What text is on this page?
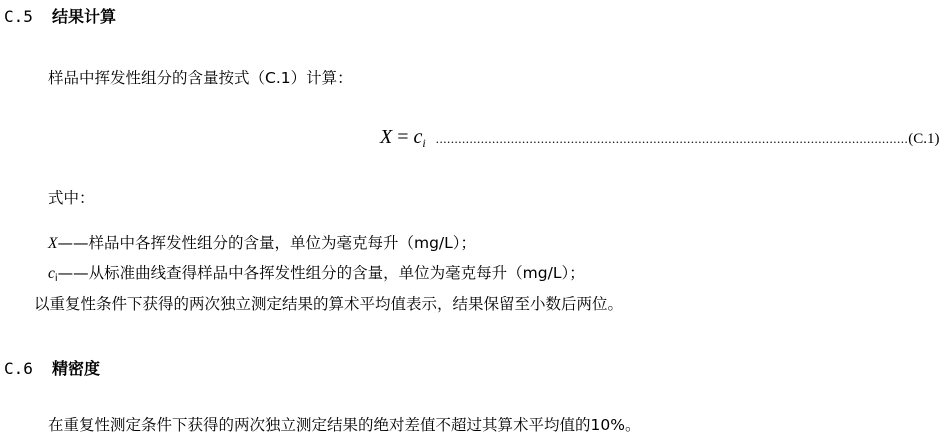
C.5 结果计算
样品中挥发性组分的含量按式（C.1）计算：
$X = c_i$ .............................................................................................................................. (C.1)
式中：
X——样品中各挥发性组分的含量，单位为毫克每升（mg/L）；
ci——从标准曲线查得样品中各挥发性组分的含量，单位为毫克每升（mg/L）；
以重复性条件下获得的两次独立测定结果的算术平均值表示，结果保留至小数后两位。
C.6 精密度
在重复性测定条件下获得的两次独立测定结果的绝对差值不超过其算术平均值的10%。
